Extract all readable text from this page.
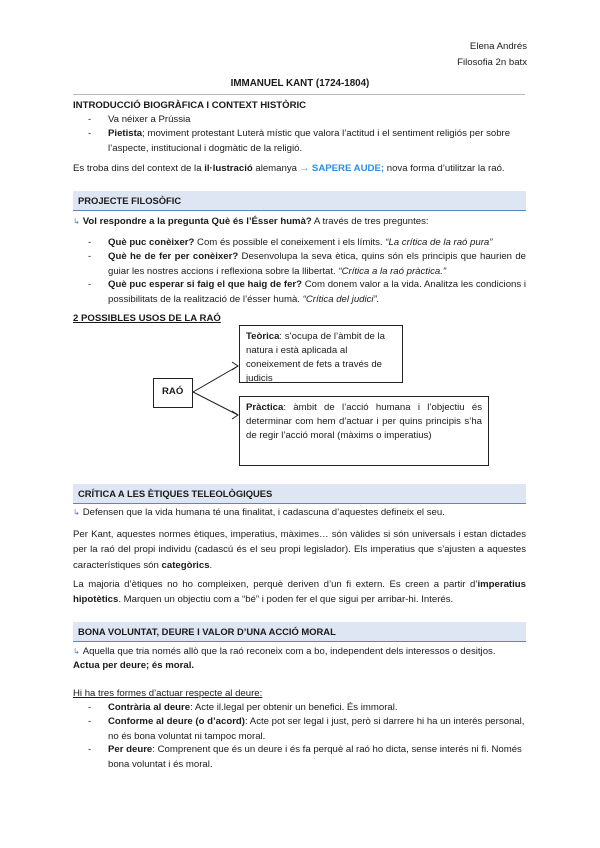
Elena Andrés
Filosofia 2n batx
IMMANUEL KANT (1724-1804)
INTRODUCCIÓ BIOGRÀFICA I CONTEXT HISTÒRIC
- Va néixer a Prússia
- Pietista; moviment protestant Luterà místic que valora l’actitud i el sentiment religiós per sobre l’aspecte, institucional i dogmàtic de la religió.
Es troba dins del context de la il·lustració alemanya → SAPERE AUDE; nova forma d’utilitzar la raó.
PROJECTE FILOSÒFIC
↳ Vol respondre a la pregunta Què és l’Ésser humà? A través de tres preguntes:
- Què puc conèixer? Com és possible el coneixement i els límits. “La crítica de la raó pura”
- Què he de fer per conèixer? Desenvolupa la seva ètica, quins són els principis que haurien de guiar les nostres accions i reflexiona sobre la llibertat. “Crítica a la raó pràctica.”
- Què puc esperar si faig el que haig de fer? Com donem valor a la vida. Analitza les condicions i possibilitats de la realització de l’ésser humà. “Crítica del judici”.
2 POSSIBLES USOS DE LA RAÓ
RAÓ
Teòrica: s’ocupa de l’àmbit de la natura i està aplicada al coneixement de fets a través de judicis
Pràctica: àmbit de l’acció humana i l’objectiu és determinar com hem d’actuar i per quins principis s’ha de regir l’acció moral (màxims o imperatius)
CRÍTICA A LES ÈTIQUES TELEOLÒGIQUES
↳ Defensen que la vida humana té una finalitat, i cadascuna d’aquestes defineix el seu.
Per Kant, aquestes normes ètiques, imperatius, màximes… són vàlides si són universals i estan dictades per la raó del propi individu (cadascú és el seu propi legislador). Els imperatius que s’ajusten a aquestes característiques són categòrics.
La majoria d’ètiques no ho compleixen, perquè deriven d’un fi extern. Es creen a partir d’imperatius hipotètics. Marquen un objectiu com a “bé” i poden fer el que sigui per arribar-hi. Interés.
BONA VOLUNTAT, DEURE I VALOR D’UNA ACCIÓ MORAL
↳ Aquella que tria només allò que la raó reconeix com a bo, independent dels interessos o desitjos.
Actua per deure; és moral.
Hi ha tres formes d’actuar respecte al deure:
- Contrària al deure: Acte il.legal per obtenir un benefici. És immoral.
- Conforme al deure (o d’acord): Acte pot ser legal i just, però si darrere hi ha un interés personal, no és bona voluntat ni tampoc moral.
- Per deure: Comprenent que és un deure i és fa perquè al raó ho dicta, sense interés ni fi. Només bona voluntat i és moral.
